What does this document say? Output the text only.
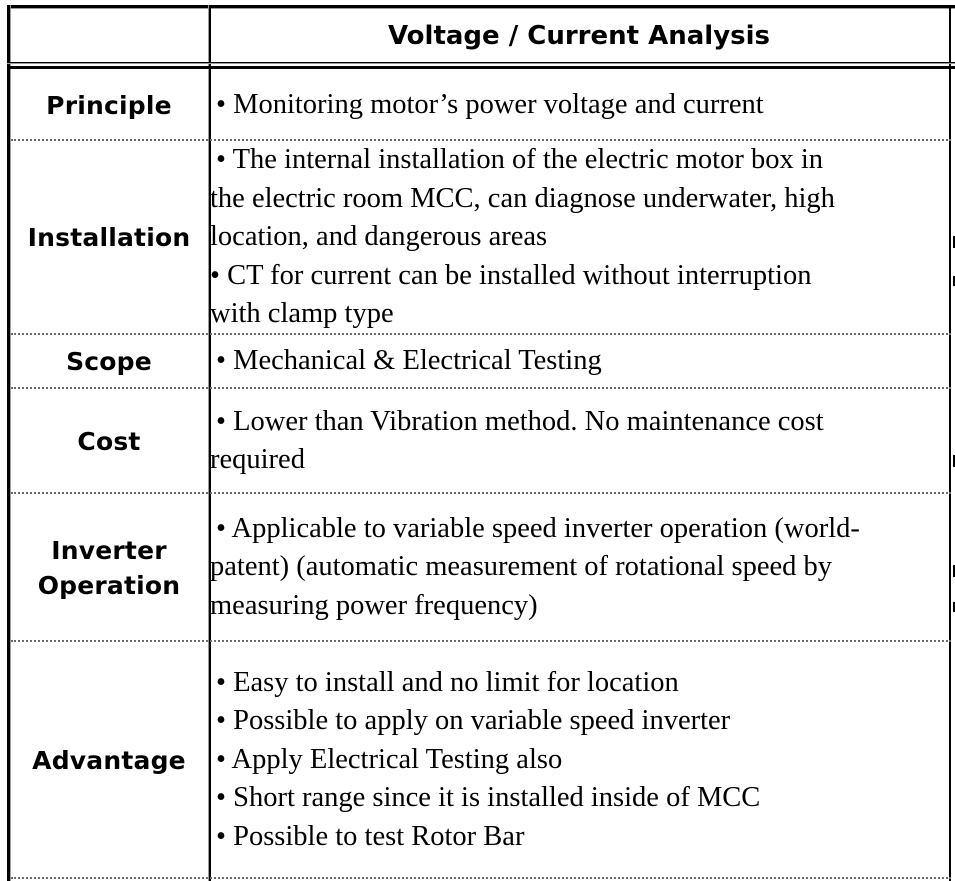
Voltage / Current Analysis
Principle	• Monitoring motor’s power voltage and current
Installation
• The internal installation of the electric motor box in
the electric room MCC, can diagnose underwater, high
location, and dangerous areas
• CT for current can be installed without interruption
with clamp type
Scope	• Mechanical & Electrical Testing
Cost
• Lower than Vibration method. No maintenance cost
required
Inverter
Operation
• Applicable to variable speed inverter operation (world-
patent) (automatic measurement of rotational speed by
measuring power frequency)
Advantage
• Easy to install and no limit for location
• Possible to apply on variable speed inverter
• Apply Electrical Testing also
• Short range since it is installed inside of MCC
• Possible to test Rotor Bar
